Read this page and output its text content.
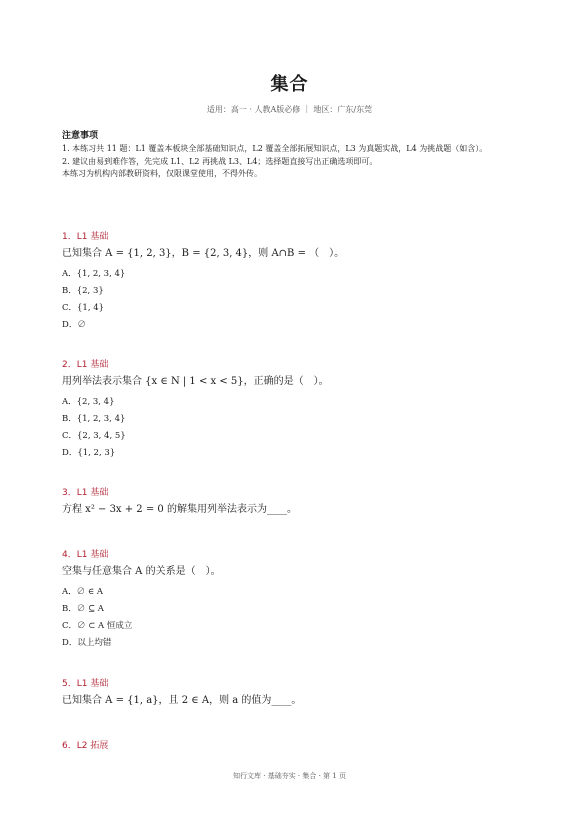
集合
适用：高一 · 人教A版必修 ｜ 地区：广东/东莞
注意事项

1. 本练习共 11 题：L1 覆盖本板块全部基础知识点，L2 覆盖全部拓展知识点，L3 为真题实战，L4 为挑战题（如含）。

2. 建议由易到难作答，先完成 L1、L2 再挑战 L3、L4；选择题直接写出正确选项即可。

本练习为机构内部教研资料，仅限课堂使用，不得外传。

1．L1 基础
已知集合 A = {1, 2, 3}，B = {2, 3, 4}，则 A∩B = （　）。
A．{1, 2, 3, 4}
B．{2, 3}
C．{1, 4}
D．∅
2．L1 基础
用列举法表示集合 {x ∈ N | 1 < x < 5}，正确的是（　）。
A．{2, 3, 4}
B．{1, 2, 3, 4}
C．{2, 3, 4, 5}
D．{1, 2, 3}
3．L1 基础
方程 x² − 3x + 2 = 0 的解集用列举法表示为____。
4．L1 基础
空集与任意集合 A 的关系是（　）。
A．∅ ∈ A
B．∅ ⊆ A
C．∅ ⊂ A 恒成立
D．以上均错
5．L1 基础
已知集合 A = {1, a}，且 2 ∈ A，则 a 的值为____。
6．L2 拓展
知行文库 · 基础夯实 · 集合 · 第 1 页
